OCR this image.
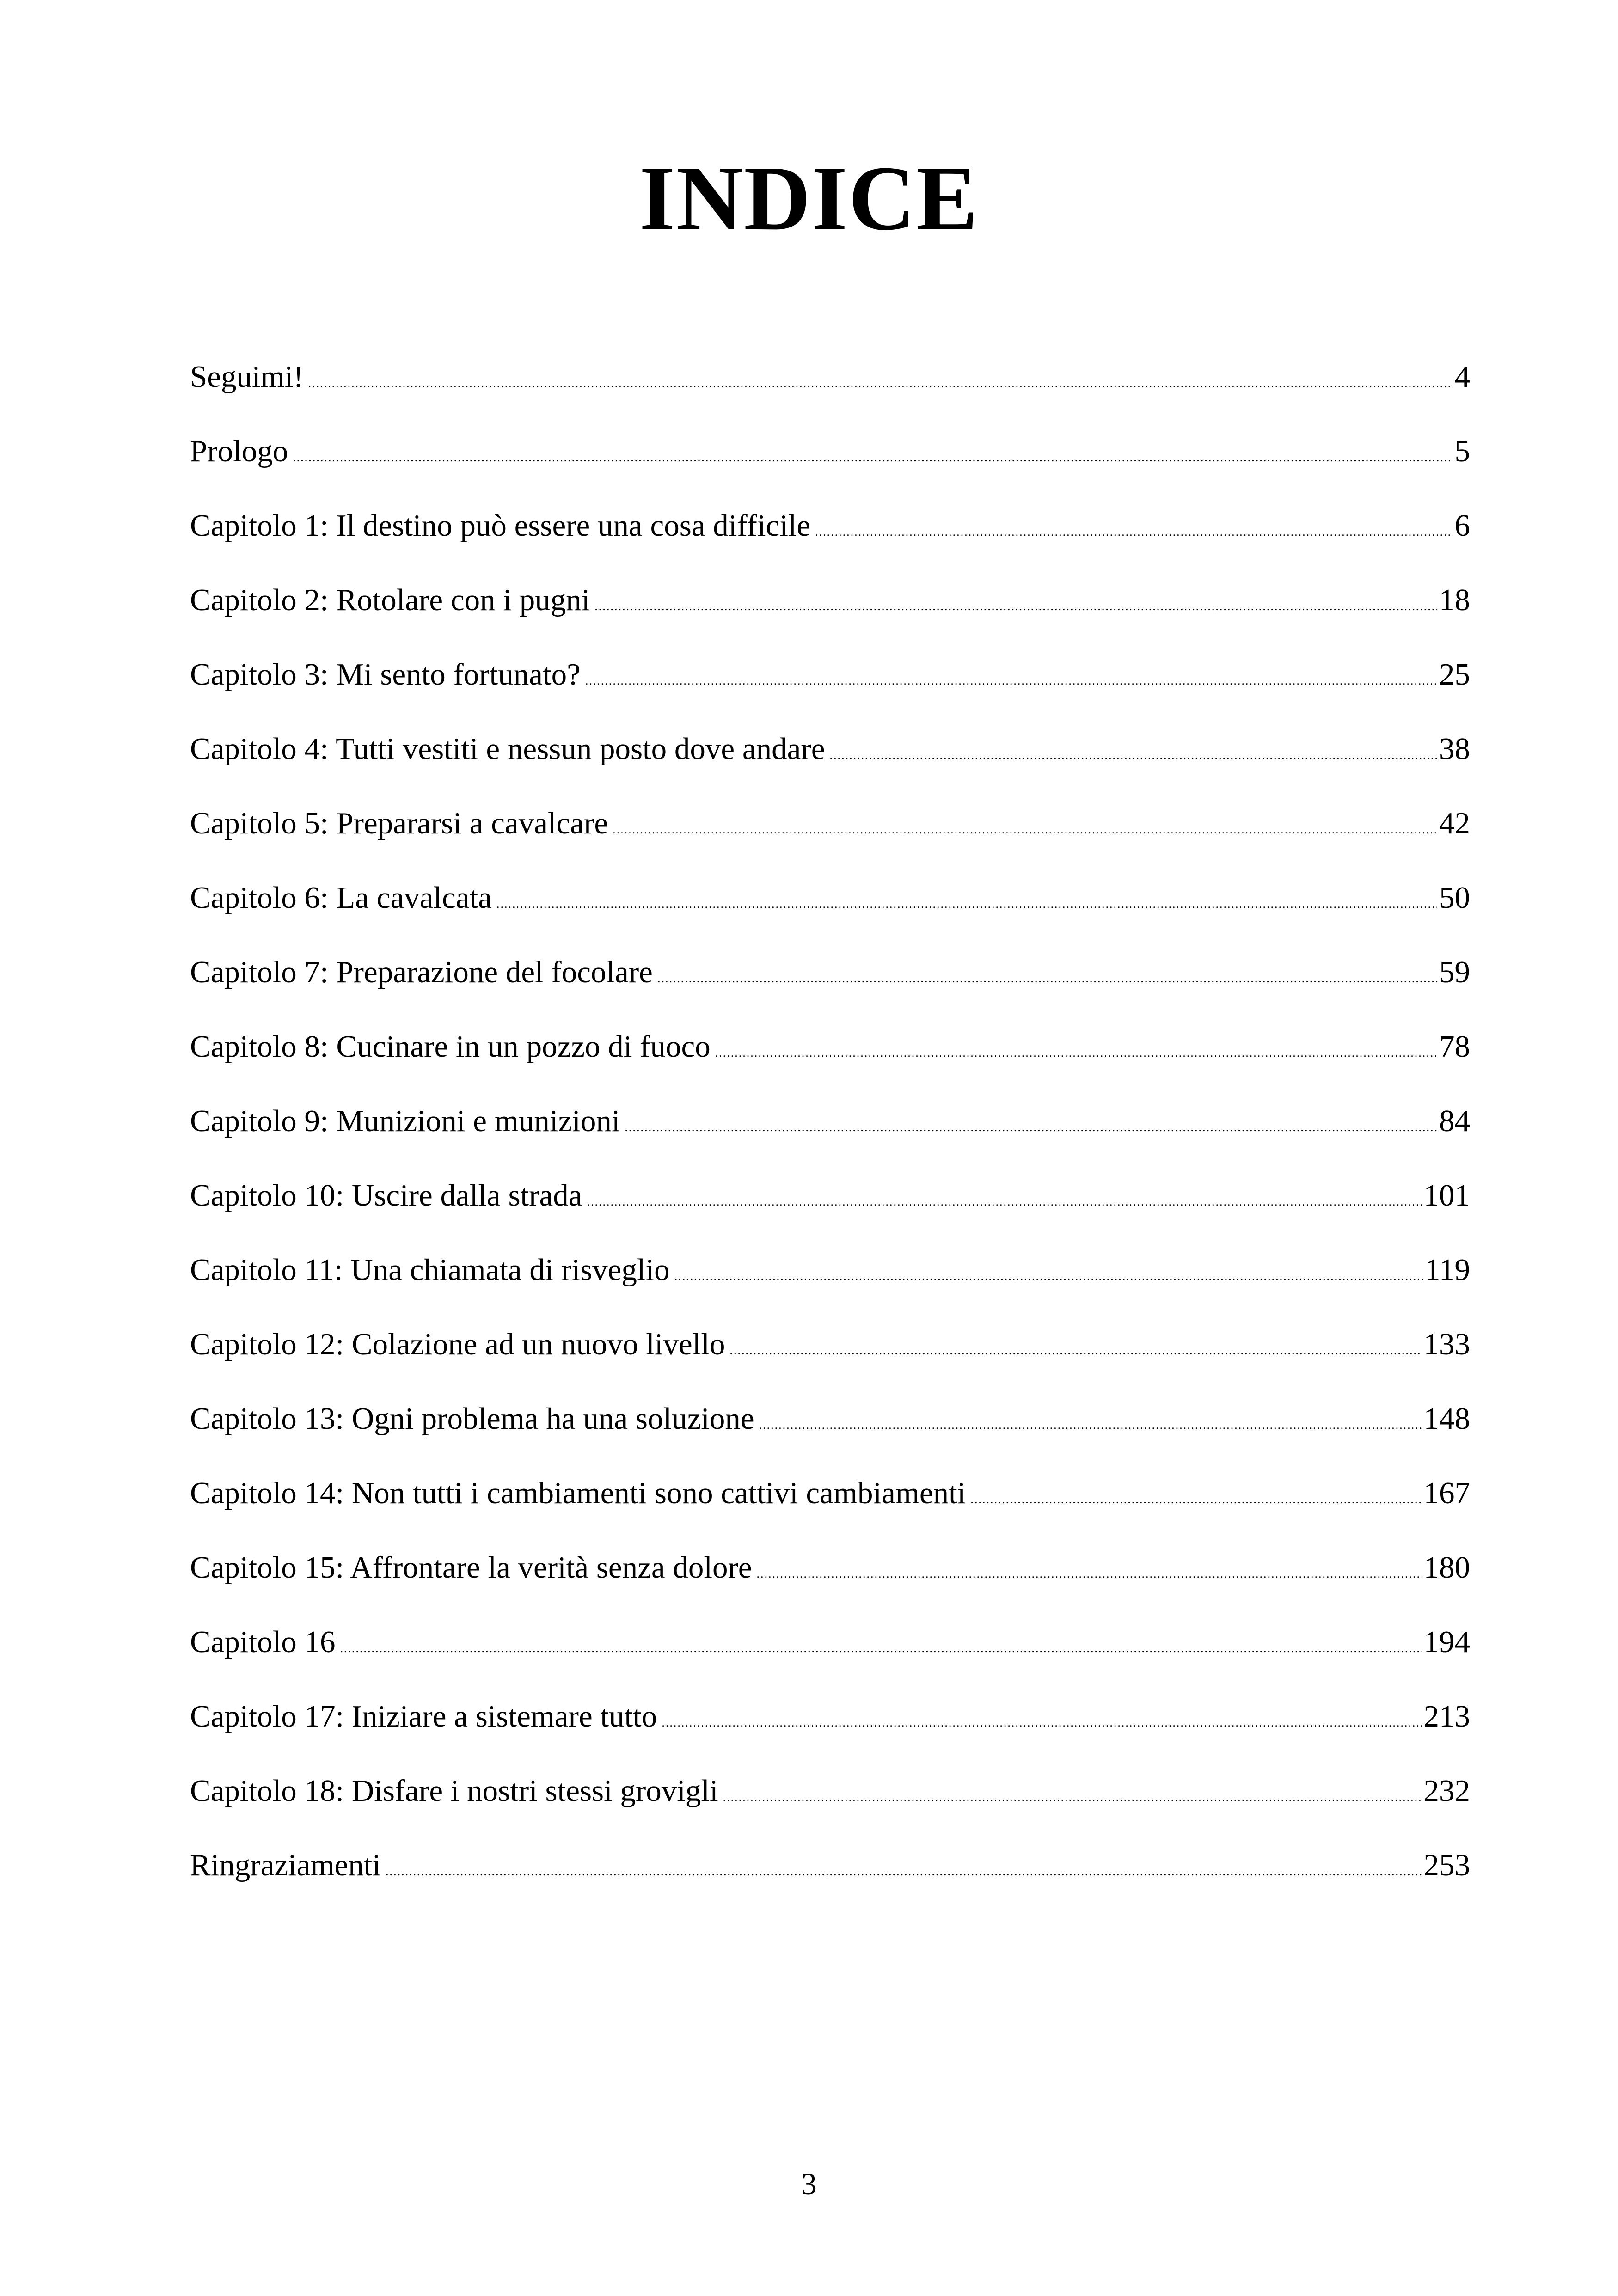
INDICE
Seguimi! .....	4
Prologo .....	5
Capitolo 1: Il destino può essere una cosa difficile .....	6
Capitolo 2: Rotolare con i pugni .....	18
Capitolo 3: Mi sento fortunato? .....	25
Capitolo 4: Tutti vestiti e nessun posto dove andare .....	38
Capitolo 5: Prepararsi a cavalcare .....	42
Capitolo 6: La cavalcata .....	50
Capitolo 7: Preparazione del focolare .....	59
Capitolo 8: Cucinare in un pozzo di fuoco .....	78
Capitolo 9: Munizioni e munizioni .....	84
Capitolo 10: Uscire dalla strada .....	101
Capitolo 11: Una chiamata di risveglio .....	119
Capitolo 12: Colazione ad un nuovo livello .....	133
Capitolo 13: Ogni problema ha una soluzione .....	148
Capitolo 14: Non tutti i cambiamenti sono cattivi cambiamenti .....	167
Capitolo 15: Affrontare la verità senza dolore .....	180
Capitolo 16 .....	194
Capitolo 17: Iniziare a sistemare tutto .....	213
Capitolo 18: Disfare i nostri stessi grovigli .....	232
Ringraziamenti .....	253
3
